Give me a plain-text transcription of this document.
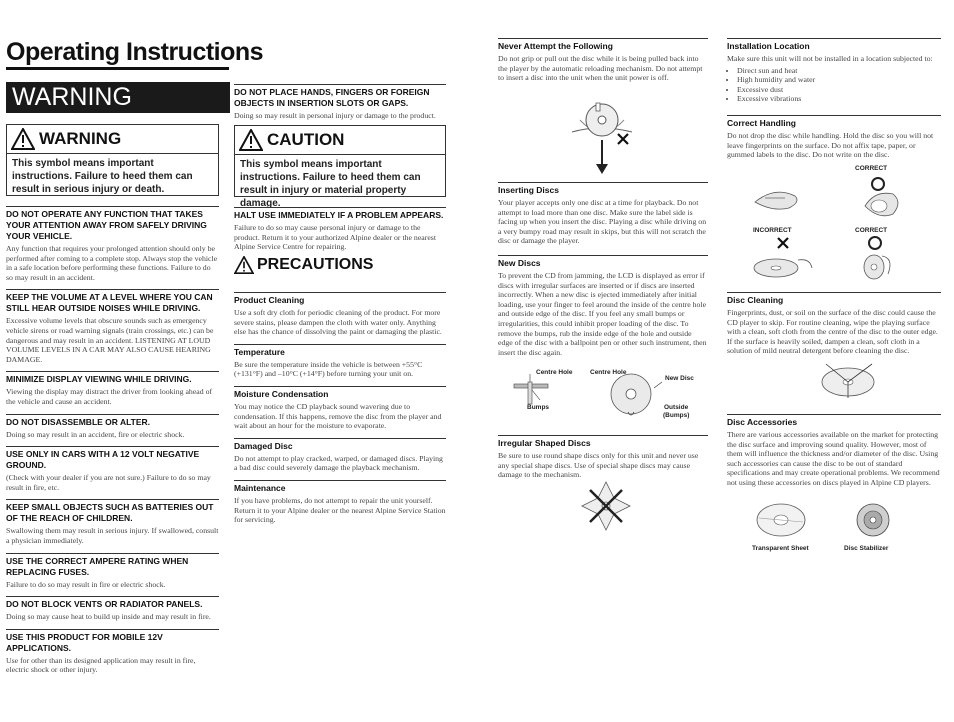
Operating Instructions
WARNING
WARNING
This symbol means important instructions. Failure to heed them can result in serious injury or death.
DO NOT OPERATE ANY FUNCTION THAT TAKES YOUR ATTENTION AWAY FROM SAFELY DRIVING YOUR VEHICLE.
Any function that requires your prolonged attention should only be performed after coming to a complete stop. Always stop the vehicle in a safe location before performing these functions. Failure to do so may result in an accident.
KEEP THE VOLUME AT A LEVEL WHERE YOU CAN STILL HEAR OUTSIDE NOISES WHILE DRIVING.
Excessive volume levels that obscure sounds such as emergency vehicle sirens or road warning signals (train crossings, etc.) can be dangerous and may result in an accident. LISTENING AT LOUD VOLUME LEVELS IN A CAR MAY ALSO CAUSE HEARING DAMAGE.
MINIMIZE DISPLAY VIEWING WHILE DRIVING.
Viewing the display may distract the driver from looking ahead of the vehicle and cause an accident.
DO NOT DISASSEMBLE OR ALTER.
Doing so may result in an accident, fire or electric shock.
USE ONLY IN CARS WITH A 12 VOLT NEGATIVE GROUND.
(Check with your dealer if you are not sure.) Failure to do so may result in fire, etc.
KEEP SMALL OBJECTS SUCH AS BATTERIES OUT OF THE REACH OF CHILDREN.
Swallowing them may result in serious injury. If swallowed, consult a physician immediately.
USE THE CORRECT AMPERE RATING WHEN REPLACING FUSES.
Failure to do so may result in fire or electric shock.
DO NOT BLOCK VENTS OR RADIATOR PANELS.
Doing so may cause heat to build up inside and may result in fire.
USE THIS PRODUCT FOR MOBILE 12V APPLICATIONS.
Use for other than its designed application may result in fire, electric shock or other injury.
DO NOT PLACE HANDS, FINGERS OR FOREIGN OBJECTS IN INSERTION SLOTS OR GAPS.
Doing so may result in personal injury or damage to the product.
CAUTION
This symbol means important instructions. Failure to heed them can result in injury or material property damage.
HALT USE IMMEDIATELY IF A PROBLEM APPEARS.
Failure to do so may cause personal injury or damage to the product. Return it to your authorized Alpine dealer or the nearest Alpine Service Centre for repairing.
PRECAUTIONS
Product Cleaning
Use a soft dry cloth for periodic cleaning of the product. For more severe stains, please dampen the cloth with water only. Anything else has the chance of dissolving the paint or damaging the plastic.
Temperature
Be sure the temperature inside the vehicle is between +55°C (+131°F) and –10°C (+14°F) before turning your unit on.
Moisture Condensation
You may notice the CD playback sound wavering due to condensation. If this happens, remove the disc from the player and wait about an hour for the moisture to evaporate.
Damaged Disc
Do not attempt to play cracked, warped, or damaged discs. Playing a bad disc could severely damage the playback mechanism.
Maintenance
If you have problems, do not attempt to repair the unit yourself. Return it to your Alpine dealer or the nearest Alpine Service Station for servicing.
Never Attempt the Following
Do not grip or pull out the disc while it is being pulled back into the player by the automatic reloading mechanism. Do not attempt to insert a disc into the unit when the unit power is off.
Inserting Discs
Your player accepts only one disc at a time for playback. Do not attempt to load more than one disc. Make sure the label side is facing up when you insert the disc. Playing a disc while driving on a very bumpy road may result in skips, but this will not scratch the disc or damage the player.
New Discs
To prevent the CD from jamming, the LCD is displayed as error if discs with irregular surfaces are inserted or if discs are inserted incorrectly. When a new disc is ejected immediately after initial loading, use your finger to feel around the inside of the centre hole and outside edge of the disc. If you feel any small bumps or irregularities, this could inhibit proper loading of the disc. To remove the bumps, rub the inside edge of the hole and outside edge of the disc with a ballpoint pen or other such instrument, then insert the disc again.
Centre Hole	Centre Hole
New Disc
Bumps	Outside
(Bumps)
Irregular Shaped Discs
Be sure to use round shape discs only for this unit and never use any special shape discs. Use of special shape discs may cause damage to the mechanism.
Installation Location
Make sure this unit will not be installed in a location subjected to:
• Direct sun and heat
• High humidity and water
• Excessive dust
• Excessive vibrations
Correct Handling
Do not drop the disc while handling. Hold the disc so you will not leave fingerprints on the surface. Do not affix tape, paper, or gummed labels to the disc. Do not write on the disc.
CORRECT
INCORRECT	CORRECT
Disc Cleaning
Fingerprints, dust, or soil on the surface of the disc could cause the CD player to skip. For routine cleaning, wipe the playing surface with a clean, soft cloth from the centre of the disc to the outer edge. If the surface is heavily soiled, dampen a clean, soft cloth in a solution of mild neutral detergent before cleaning the disc.
Disc Accessories
There are various accessories available on the market for protecting the disc surface and improving sound quality. However, most of them will influence the thickness and/or diameter of the disc. Using such accessories can cause the disc to be out of standard specifications and may create operational problems. We recommend not using these accessories on discs played in Alpine CD players.
Transparent Sheet	Disc Stabilizer
